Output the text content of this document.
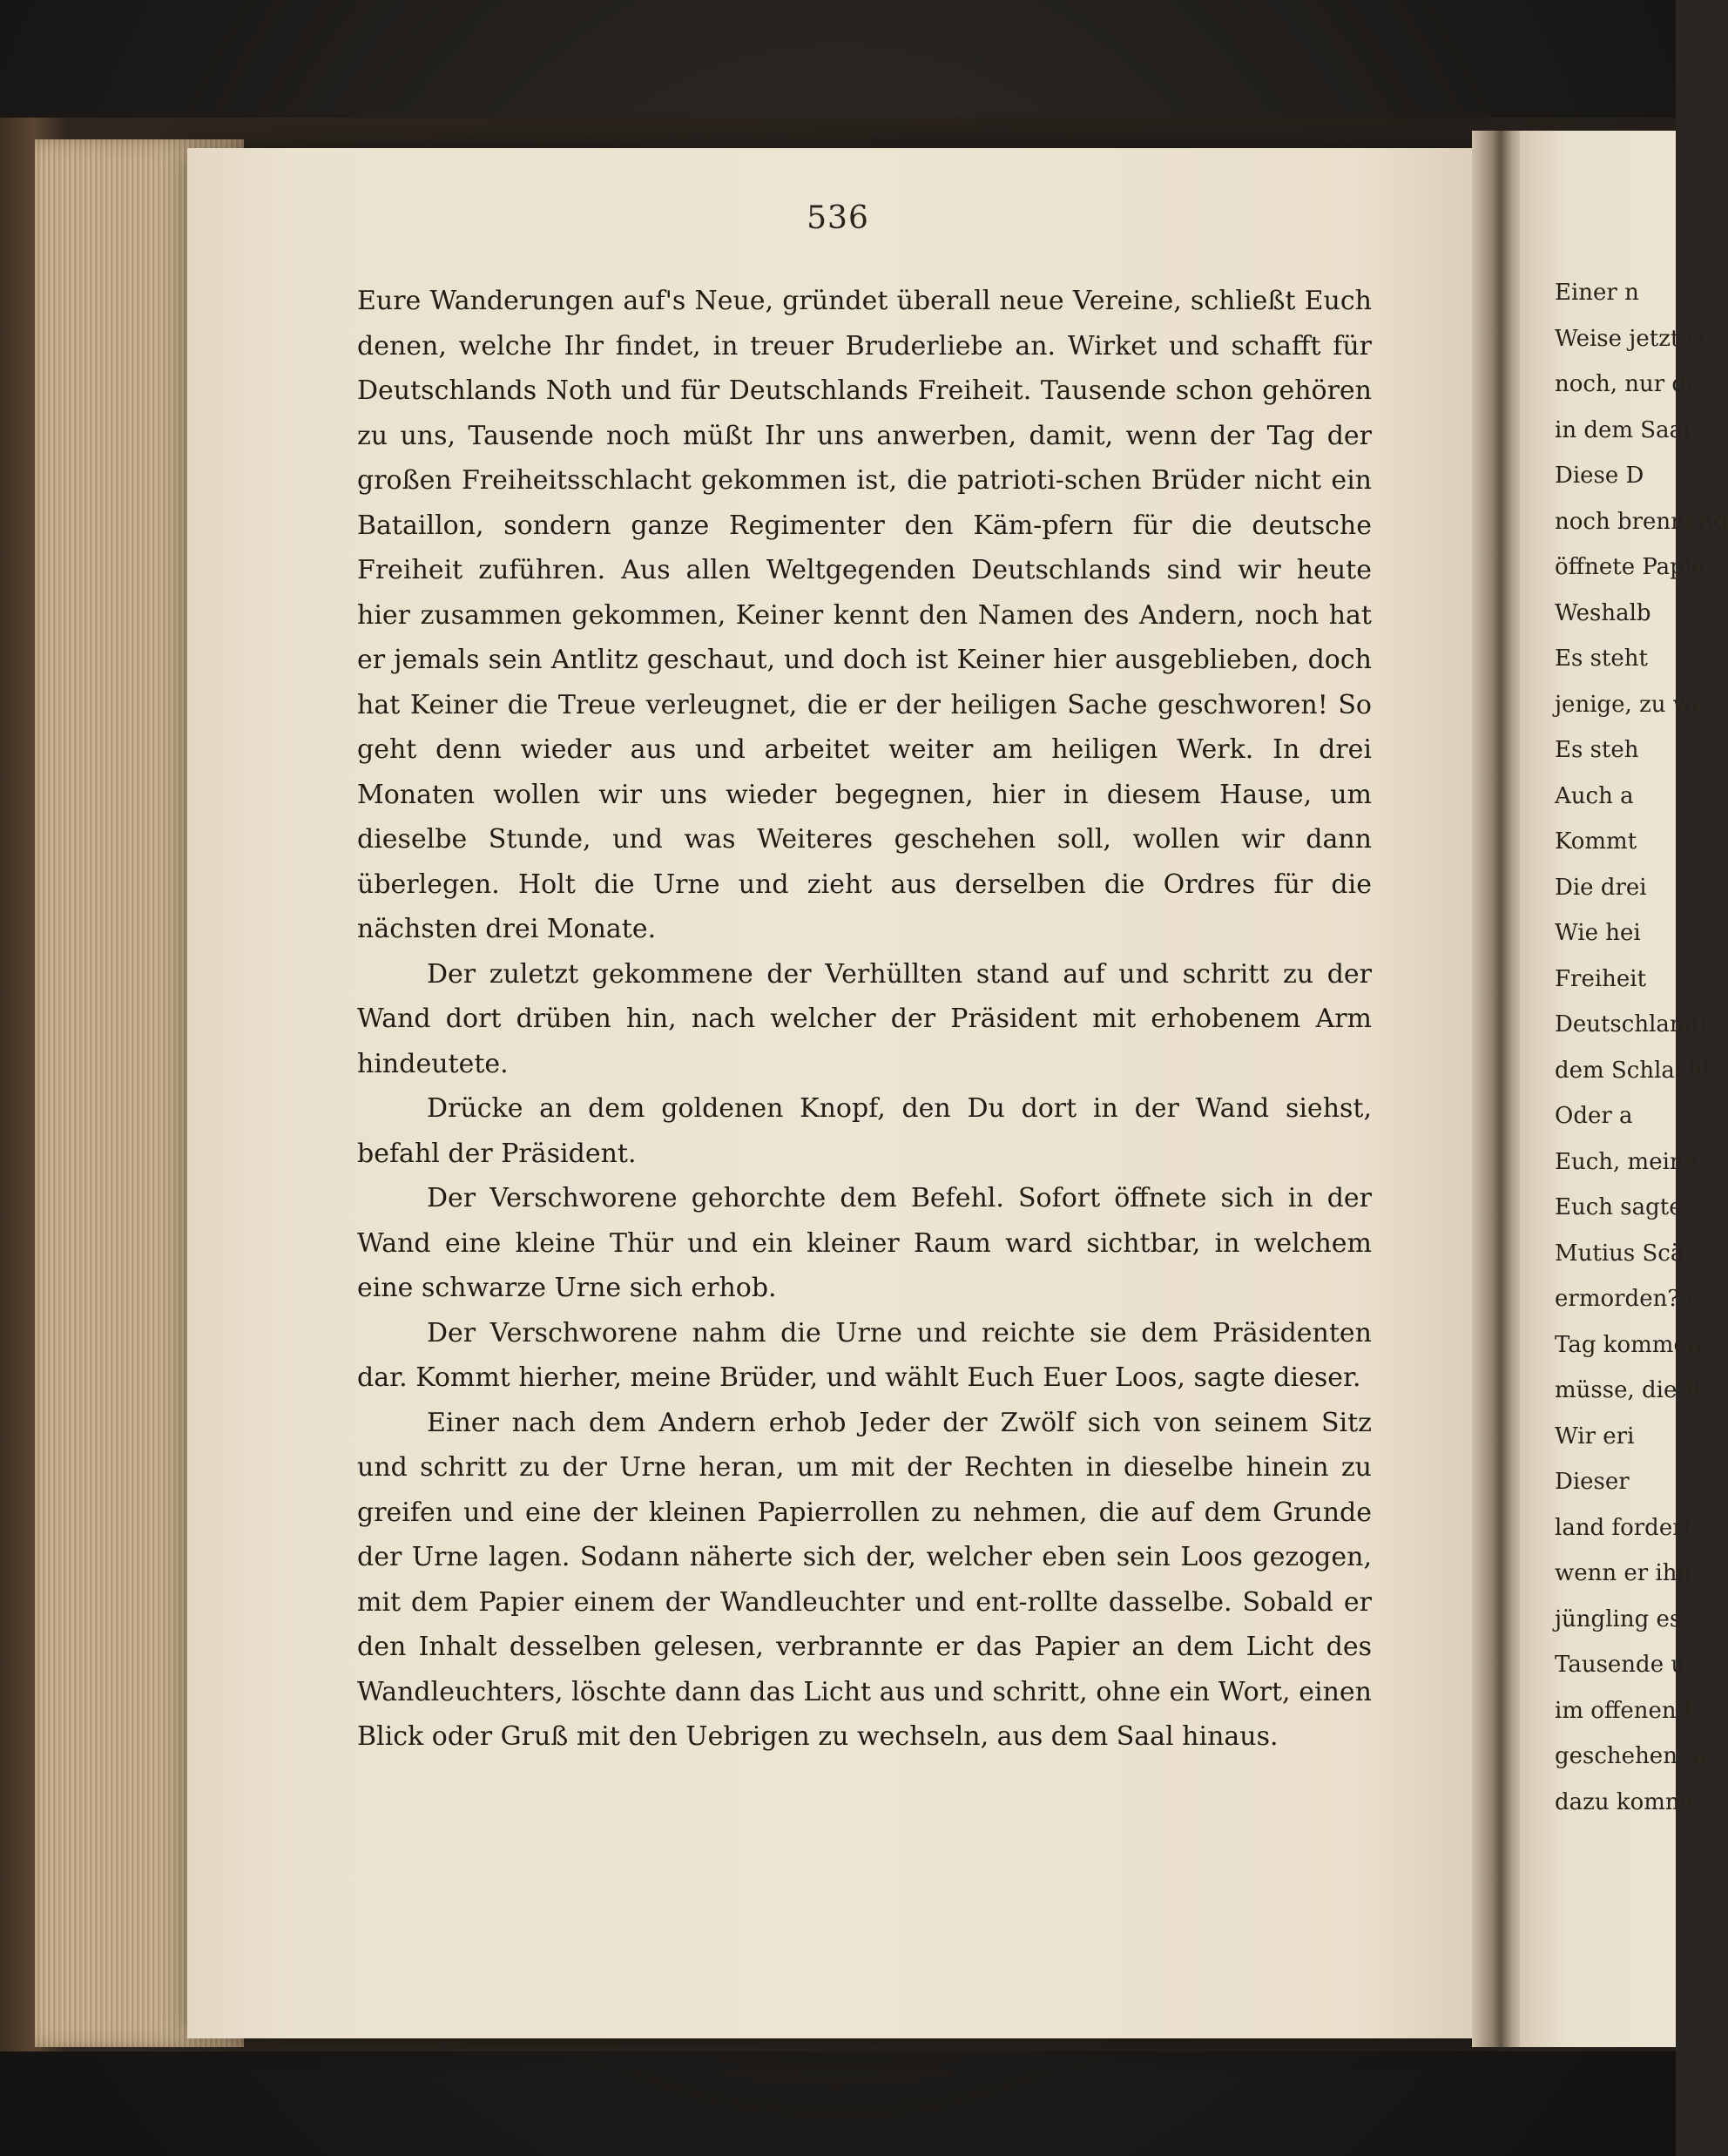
536

Eure Wanderungen auf's Neue, gründet überall neue Vereine, schließt Euch denen, welche Ihr findet, in treuer Bruderliebe an. Wirket und schafft für Deutschlands Noth und für Deutschlands Freiheit. Tausende schon gehören zu uns, Tausende noch müßt Ihr uns anwerben, damit, wenn der Tag der großen Freiheitsschlacht gekommen ist, die patrioti-schen Brüder nicht ein Bataillon, sondern ganze Regimenter den Käm-pfern für die deutsche Freiheit zuführen. Aus allen Weltgegenden Deutschlands sind wir heute hier zusammen gekommen, Keiner kennt den Namen des Andern, noch hat er jemals sein Antlitz geschaut, und doch ist Keiner hier ausgeblieben, doch hat Keiner die Treue verleugnet, die er der heiligen Sache geschworen! So geht denn wieder aus und arbeitet weiter am heiligen Werk. In drei Monaten wollen wir uns wieder begegnen, hier in diesem Hause, um dieselbe Stunde, und was Weiteres geschehen soll, wollen wir dann überlegen. Holt die Urne und zieht aus derselben die Ordres für die nächsten drei Monate.

Der zuletzt gekommene der Verhüllten stand auf und schritt zu der Wand dort drüben hin, nach welcher der Präsident mit erhobenem Arm hindeutete.

Drücke an dem goldenen Knopf, den Du dort in der Wand siehst, befahl der Präsident.

Der Verschworene gehorchte dem Befehl. Sofort öffnete sich in der Wand eine kleine Thür und ein kleiner Raum ward sichtbar, in welchem eine schwarze Urne sich erhob.

Der Verschworene nahm die Urne und reichte sie dem Präsidenten dar. Kommt hierher, meine Brüder, und wählt Euch Euer Loos, sagte dieser.

Einer nach dem Andern erhob Jeder der Zwölf sich von seinem Sitz und schritt zu der Urne heran, um mit der Rechten in dieselbe hinein zu greifen und eine der kleinen Papierrollen zu nehmen, die auf dem Grunde der Urne lagen. Sodann näherte sich der, welcher eben sein Loos gezogen, mit dem Papier einem der Wandleuchter und ent-rollte dasselbe. Sobald er den Inhalt desselben gelesen, verbrannte er das Papier an dem Licht des Wandleuchters, löschte dann das Licht aus und schritt, ohne ein Wort, einen Blick oder Gruß mit den Uebrigen zu wechseln, aus dem Saal hinaus.

Einer n
Weise jetzt sc
noch, nur dr
in dem Saal
Diese D
noch brennend
öffnete Papie
Weshalb
Es steht
jenige, zu we
Es steh
Auch a
Kommt
Die drei
Wie hei
Freiheit
Deutschland!
dem Schlacht
Oder a
Euch, meine
Euch sagte,
Mutius Scä
ermorden? (
Tag kommen
müsse, die R
Wir eri
Dieser
land fordert
wenn er ihn
jüngling es
Tausende u
im offenen F
geschehen, n
dazu kommt,
